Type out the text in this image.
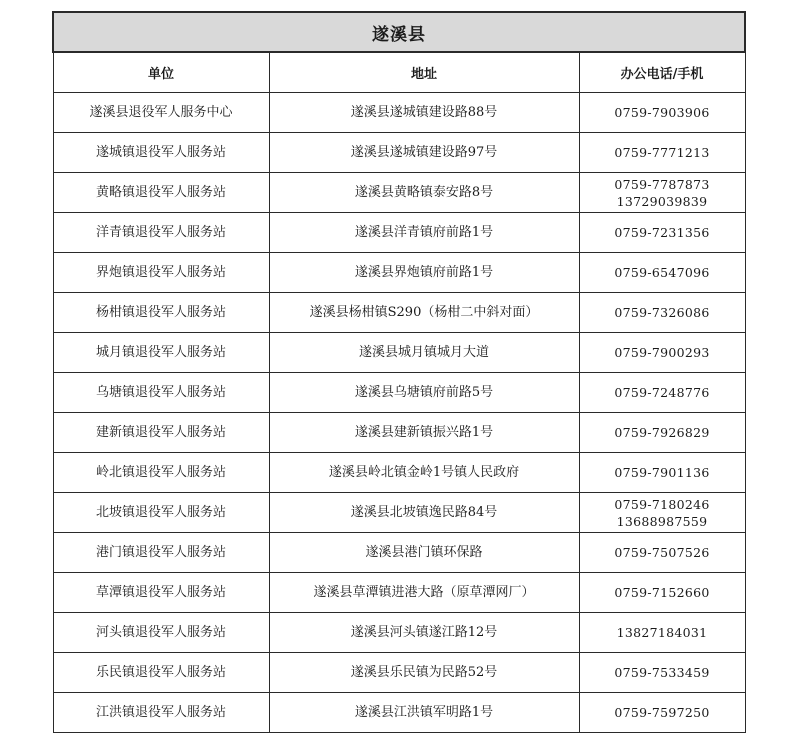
遂溪县		
单位	地址	办公电话/手机
遂溪县退役军人服务中心	遂溪县遂城镇建设路88号	0759-7903906

遂城镇退役军人服务站	遂溪县遂城镇建设路97号	0759-7771213

黄略镇退役军人服务站	遂溪县黄略镇泰安路8号	0759-7787873
13729039839

洋青镇退役军人服务站	遂溪县洋青镇府前路1号	0759-7231356

界炮镇退役军人服务站	遂溪县界炮镇府前路1号	0759-6547096

杨柑镇退役军人服务站	遂溪县杨柑镇S290（杨柑二中斜对面）	0759-7326086

城月镇退役军人服务站	遂溪县城月镇城月大道	0759-7900293

乌塘镇退役军人服务站	遂溪县乌塘镇府前路5号	0759-7248776

建新镇退役军人服务站	遂溪县建新镇振兴路1号	0759-7926829

岭北镇退役军人服务站	遂溪县岭北镇金岭1号镇人民政府	0759-7901136

北坡镇退役军人服务站	遂溪县北坡镇逸民路84号	0759-7180246
13688987559

港门镇退役军人服务站	遂溪县港门镇环保路	0759-7507526

草潭镇退役军人服务站	遂溪县草潭镇进港大路（原草潭网厂）	0759-7152660

河头镇退役军人服务站	遂溪县河头镇遂江路12号	13827184031

乐民镇退役军人服务站	遂溪县乐民镇为民路52号	0759-7533459

江洪镇退役军人服务站	遂溪县江洪镇军明路1号	0759-7597250
